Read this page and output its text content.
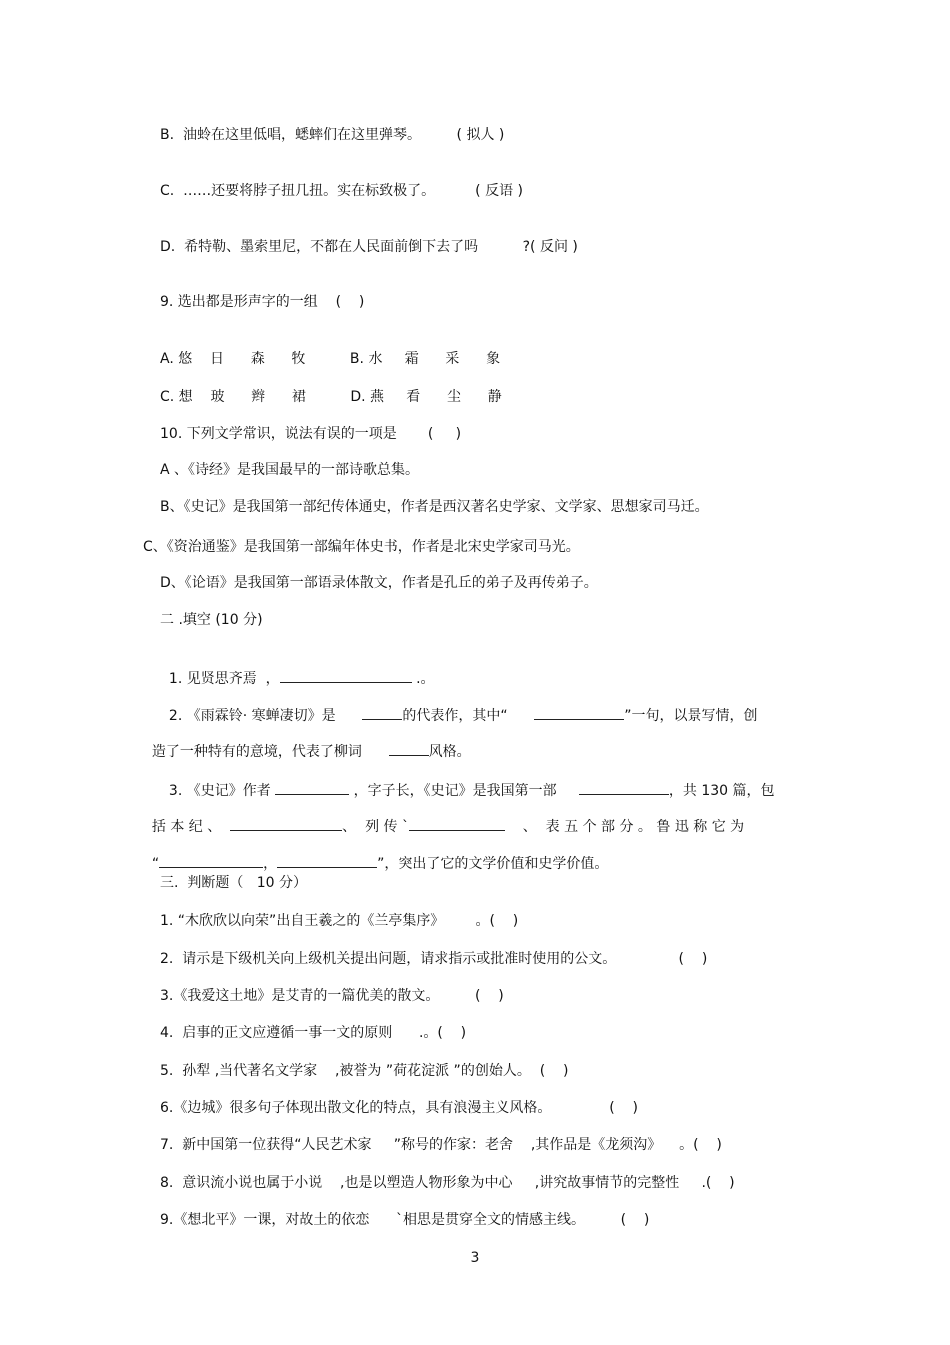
B.  油蛉在这里低唱，蟋蟀们在这里弹琴。        ( 拟人 )
C.  ……还要将脖子扭几扭。实在标致极了。         ( 反语 )
D.  希特勒、墨索里尼，不都在人民面前倒下去了吗          ?( 反问 )
9. 选出都是形声字的一组    (    )
A. 悠    日      森      牧          B. 水     霜      采      象
C. 想    玻      辫      裙          D. 燕     看      尘      静
10. 下列文学常识，说法有误的一项是       (     )
A 、《诗经》是我国最早的一部诗歌总集。
B、《史记》是我国第一部纪传体通史，作者是西汉著名史学家、文学家、思想家司马迁。
C、《资治通鉴》是我国第一部编年体史书，作者是北宋史学家司马光。
D、《论语》是我国第一部语录体散文，作者是孔丘的弟子及再传弟子。
二 .填空 (10 分)

1. 见贤思齐焉  ，	.。

2. 《雨霖铃· 寒蝉凄切》是	的代表作，其中“	”一句，以景写情，创

造了一种特有的意境，代表了柳词	风格。

3. 《史记》作者	，字子长，《史记》是我国第一部	，共 130 篇，包

括 本 纪 、	、  列 传 `	、  表 五 个 部 分 。 鲁 迅 称 它 为

“	，	”，突出了它的文学价值和史学价值。

三.  判断题（   10 分）
1. “木欣欣以向荣”出自王羲之的《兰亭集序》       。(    )
2.  请示是下级机关向上级机关提出问题，请求指示或批准时使用的公文。              (    )
3.《我爱这土地》是艾青的一篇优美的散文。        (    )
4.  启事的正文应遵循一事一文的原则      .。(    )
5.  孙犁 ,当代著名文学家    ,被誉为 ”荷花淀派 ”的创始人。  (    )
6.《边城》很多句子体现出散文化的特点，具有浪漫主义风格。             (    )
7.  新中国第一位获得“人民艺术家     ”称号的作家：老舍    ,其作品是《龙须沟》    。(    )
8.  意识流小说也属于小说    ,也是以塑造人物形象为中心     ,讲究故事情节的完整性     .(    )
9.《想北平》一课，对故土的依恋      `相思是贯穿全文的情感主线。        (    )
3
